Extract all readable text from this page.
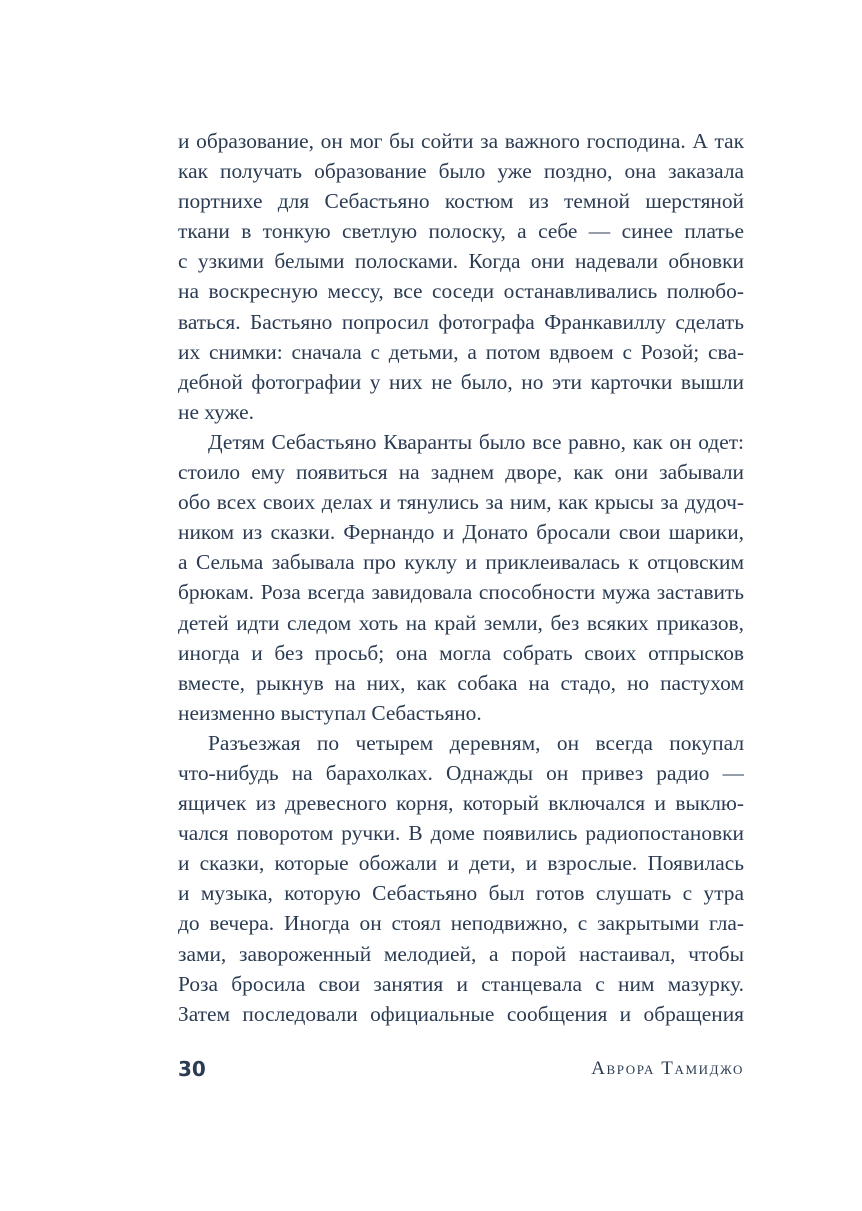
и образование, он мог бы сойти за важного господина. А так
как получать образование было уже поздно, она заказала
портнихе для Себастьяно костюм из темной шерстяной
ткани в тонкую светлую полоску, а себе — синее платье
с узкими белыми полосками. Когда они надевали обновки
на воскресную мессу, все соседи останавливались полюбо-
ваться. Бастьяно попросил фотографа Франкавиллу сделать
их снимки: сначала с детьми, а потом вдвоем с Розой; сва-
дебной фотографии у них не было, но эти карточки вышли
не хуже.
Детям Себастьяно Кваранты было все равно, как он одет:
стоило ему появиться на заднем дворе, как они забывали
обо всех своих делах и тянулись за ним, как крысы за дудоч-
ником из сказки. Фернандо и Донато бросали свои шарики,
а Сельма забывала про куклу и приклеивалась к отцовским
брюкам. Роза всегда завидовала способности мужа заставить
детей идти следом хоть на край земли, без всяких приказов,
иногда и без просьб; она могла собрать своих отпрысков
вместе, рыкнув на них, как собака на стадо, но пастухом
неизменно выступал Себастьяно.
Разъезжая по четырем деревням, он всегда покупал
что-нибудь на барахолках. Однажды он привез радио —
ящичек из древесного корня, который включался и выклю-
чался поворотом ручки. В доме появились радиопостановки
и сказки, которые обожали и дети, и взрослые. Появилась
и музыка, которую Себастьяно был готов слушать с утра
до вечера. Иногда он стоял неподвижно, с закрытыми гла-
зами, завороженный мелодией, а порой настаивал, чтобы
Роза бросила свои занятия и станцевала с ним мазурку.
Затем последовали официальные сообщения и обращения
30	Аврора Тамиджо
